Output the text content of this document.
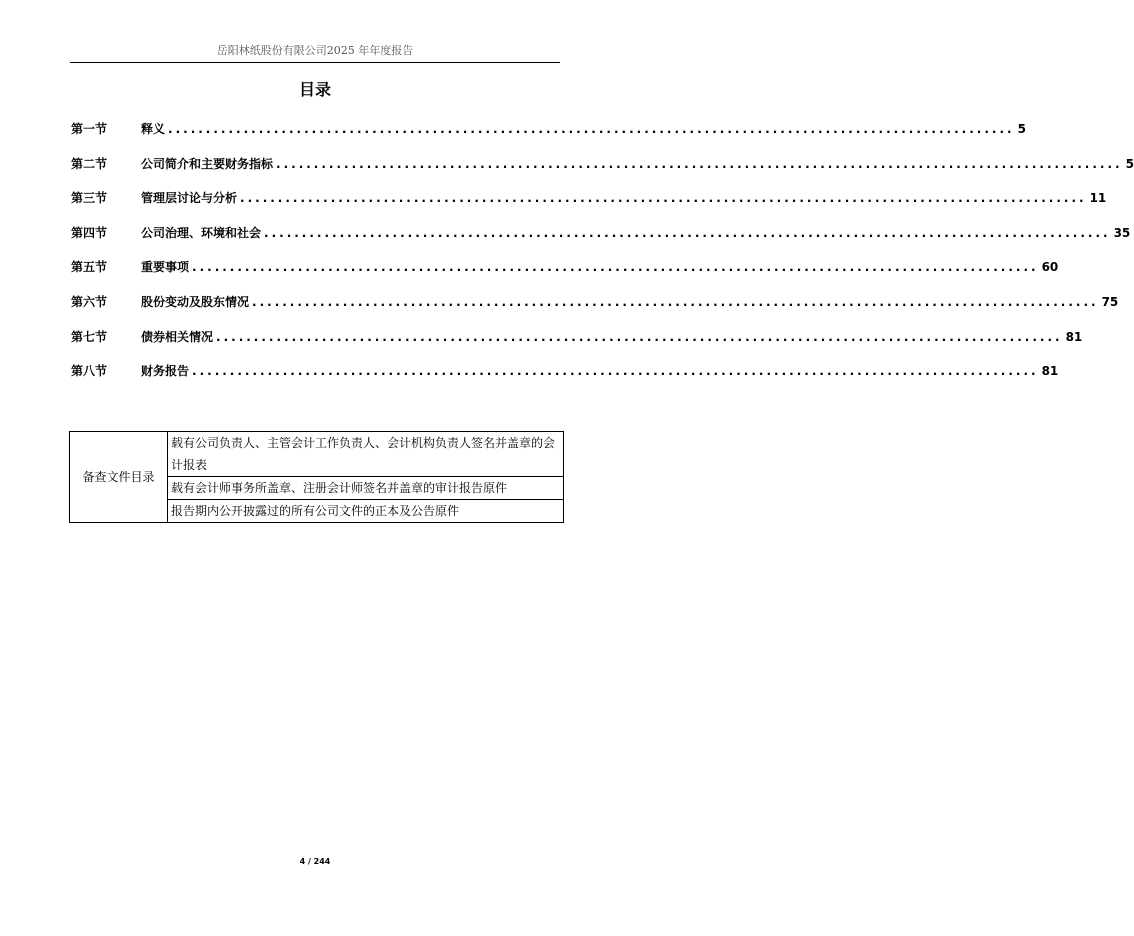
岳阳林纸股份有限公司2025 年年度报告
目录
第一节	释义 ................................................................................................................ 5
第二节	公司简介和主要财务指标 ................................................................................................................ 5
第三节	管理层讨论与分析 ................................................................................................................ 11
第四节	公司治理、环境和社会 ................................................................................................................ 35
第五节	重要事项 ................................................................................................................ 60
第六节	股份变动及股东情况 ................................................................................................................ 75
第七节	债券相关情况 ................................................................................................................ 81
第八节	财务报告 ................................................................................................................ 81
备查文件目录	载有公司负责人、主管会计工作负责人、会计机构负责人签名并盖章的会计报表
载有会计师事务所盖章、注册会计师签名并盖章的审计报告原件
报告期内公开披露过的所有公司文件的正本及公告原件
4 / 244
